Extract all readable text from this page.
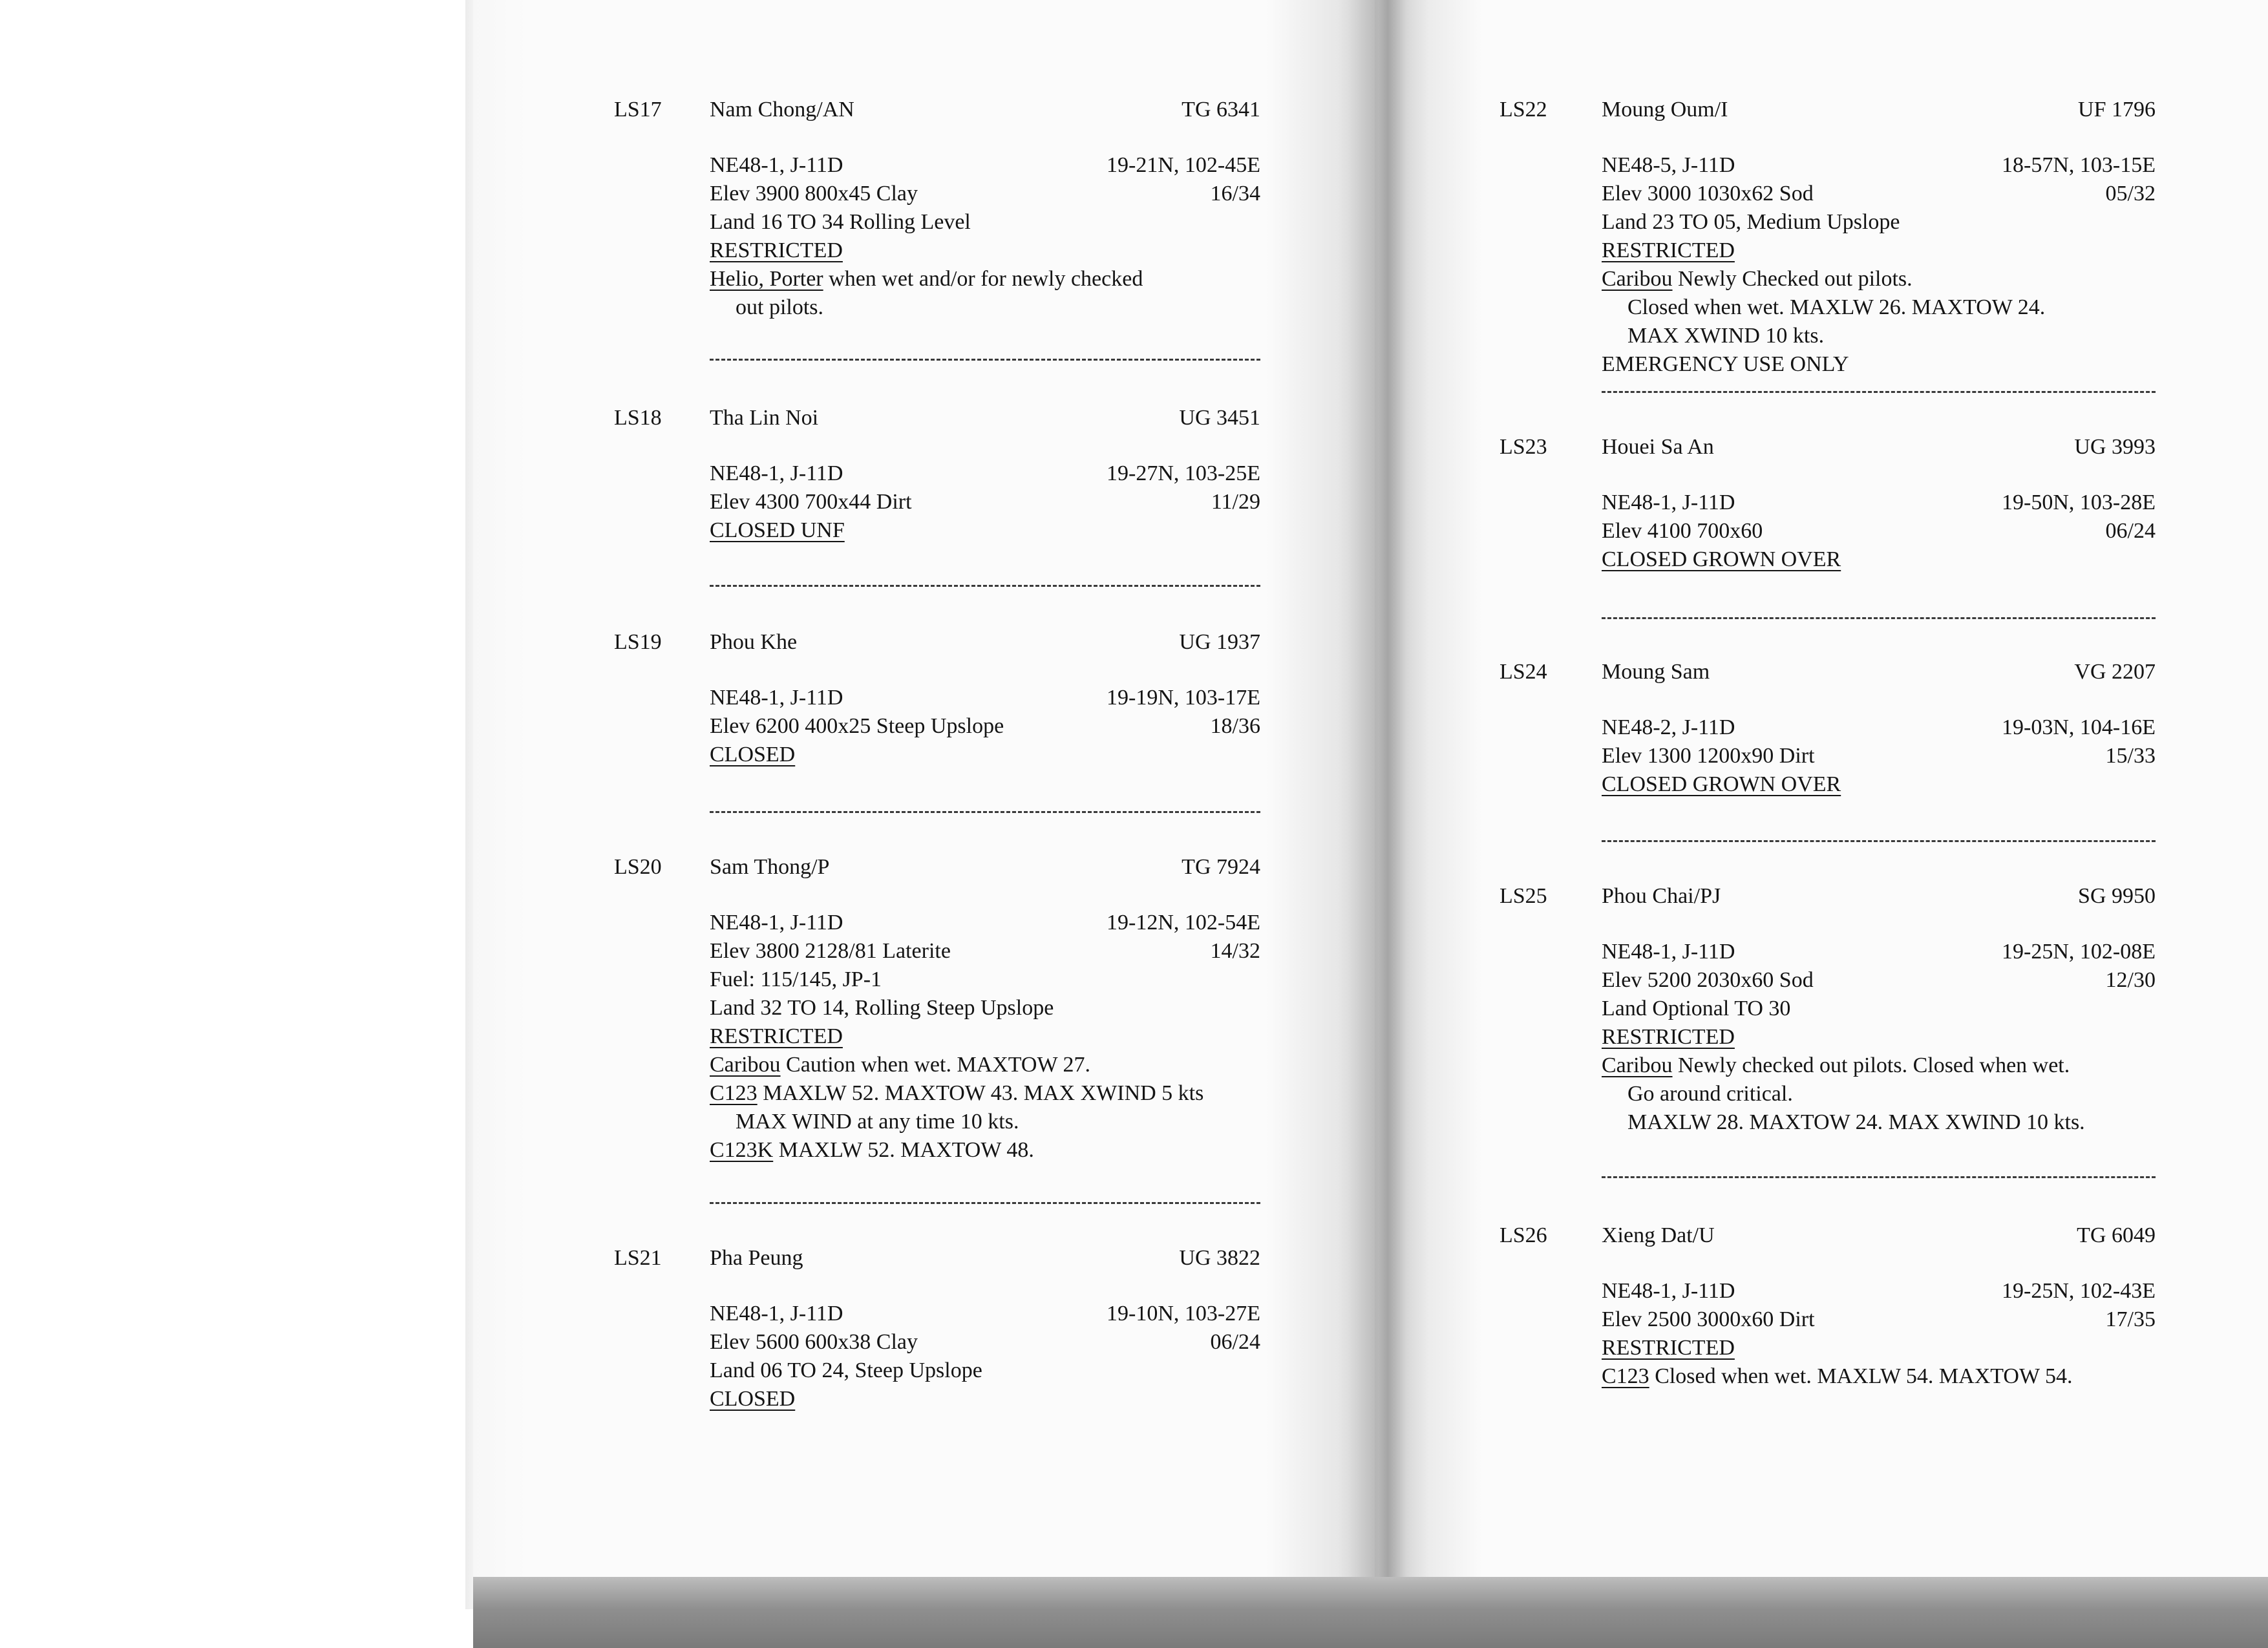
LS17 Nam Chong/AN	TG 6341
NE48-1, J-11D	19-21N, 102-45E
Elev 3900 800x45 Clay	16/34
Land 16 TO 34 Rolling Level
RESTRICTED
Helio, Porter when wet and/or for newly checked
out pilots.
LS18 Tha Lin Noi	UG 3451
NE48-1, J-11D	19-27N, 103-25E
Elev 4300 700x44 Dirt	11/29
CLOSED UNF
LS19 Phou Khe	UG 1937
NE48-1, J-11D	19-19N, 103-17E
Elev 6200 400x25 Steep Upslope	18/36
CLOSED
LS20 Sam Thong/P	TG 7924
NE48-1, J-11D	19-12N, 102-54E
Elev 3800 2128/81 Laterite	14/32
Fuel: 115/145, JP-1
Land 32 TO 14, Rolling Steep Upslope
RESTRICTED
Caribou Caution when wet. MAXTOW 27.
C123 MAXLW 52. MAXTOW 43. MAX XWIND 5 kts
MAX WIND at any time 10 kts.
C123K MAXLW 52. MAXTOW 48.
LS21 Pha Peung	UG 3822
NE48-1, J-11D	19-10N, 103-27E
Elev 5600 600x38 Clay	06/24
Land 06 TO 24, Steep Upslope
CLOSED
LS22 Moung Oum/I	UF 1796
NE48-5, J-11D	18-57N, 103-15E
Elev 3000 1030x62 Sod	05/32
Land 23 TO 05, Medium Upslope
RESTRICTED
Caribou Newly Checked out pilots.
Closed when wet. MAXLW 26. MAXTOW 24.
MAX XWIND 10 kts.
EMERGENCY USE ONLY
LS23 Houei Sa An	UG 3993
NE48-1, J-11D	19-50N, 103-28E
Elev 4100 700x60	06/24
CLOSED GROWN OVER
LS24 Moung Sam	VG 2207
NE48-2, J-11D	19-03N, 104-16E
Elev 1300 1200x90 Dirt	15/33
CLOSED GROWN OVER
LS25 Phou Chai/PJ	SG 9950
NE48-1, J-11D	19-25N, 102-08E
Elev 5200 2030x60 Sod	12/30
Land Optional TO 30
RESTRICTED
Caribou Newly checked out pilots. Closed when wet.
Go around critical.
MAXLW 28. MAXTOW 24. MAX XWIND 10 kts.
LS26 Xieng Dat/U	TG 6049
NE48-1, J-11D	19-25N, 102-43E
Elev 2500 3000x60 Dirt	17/35
RESTRICTED
C123 Closed when wet. MAXLW 54. MAXTOW 54.
